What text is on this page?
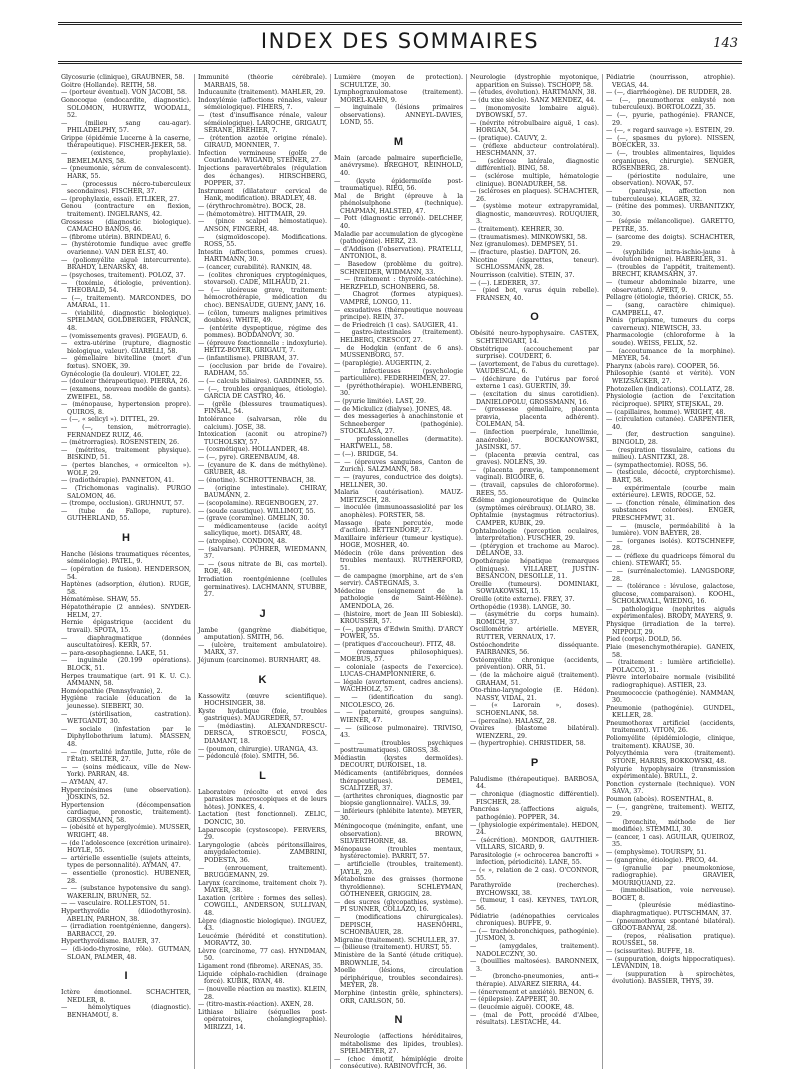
INDEX DES SOMMAIRES	143
Glycosurie (clinique), GRAUBNER, 58.
Goitre (Hollande). REITH, 58.
— (porteur éventuel). VON JACOBI, 58.
Gonocoque (endocardite, diagnostic). SOLOMON, HURWITZ, WOODALL, 52.
— (milieu sang cau-agar). PHILADELPHY, 57.
Grippe (épidémie Lucerne à la caserne, thérapeutique). FISCHER-JEKER, 58.
— (existence, prophylaxie). BEMELMANS, 58.
— (pneumonie, sérum de convalescent). HARK, 55.
— (processus nécro-tuberculeux secondaires). FISCHER, 37.
— (prophylaxie, essai). ETLIKER, 27.
Genou (contracture en flexion, traitement). INGELRANS, 42.
Grossesse (diagnostic biologique). CAMACHO BANOS, 46.
— (fibrome utérin). BRINDEAU, 6.
— (hystérotomie fundique avec greffe ovarienne). VAN DER ELST, 40.
— (poliomyélite aiguë intercurrente). BRAHDY, LENARSKY, 48.
— (psychoses, traitement). POLOZ, 37.
— (toxémie, étiologie, prévention). THEOBALD, 54.
— (—, traitement). MARCONDES, DO AMARAL, 11.
— (viabilité, diagnostic biologique). SPIELMAN, GOLDBERGER, FRANCK, 48.
— (vomissements graves). PIGEAUD, 6.
— extra-utérine (rupture, diagnostic biologique, valeur). GIARELLI, 58.
— gémellaire bivitelline (mort d'un fœtus). SNOEK, 39.
Gynécologie (la douleur). VIOLET, 22.
— (douleur thérapeutique). PIERRA, 26.
— (examens, nouveau modèle de gants). ZWEIFEL, 58.
— (ménopause, hypertension propre). QUIROS, 8.
— (—, « selicyl »). DITTEL, 29.
— (—, tension, métrorragie). FERNANDEZ RUIZ, 46.
— (métrorragies). ROSENSTEIN, 26.
— (métrites, traitement physique). BISKIND, 51.
— (pertes blanches, « ormicelton »). WOLF, 29.
— (radiothérapie). PANNETON, 41.
— (Trichomonas vaginalis). PURGO SALOMON, 46.
— (trompe, occlusion). GRUHNUT, 57.
— (tube de Fallope, rupture). GUTHERLAND, 55.
H
Hanche (lésions traumatiques récentes, séméiologie). PATEL, 9.
— (opération de fusion). HENDERSON, 54.
Haptènes (adsorption, élution). RUGE, 58.
Hématémèse. SHAW, 55.
Hépatothérapie (2 années). SNYDER-HELM, 27.
Hernie épigastrique (accident du travail). SPOTA, 15.
— diaphragmatique (données auscultatoires). KERR, 57.
— para-œsophagienne. LAKE, 51.
— inguinale (20.199 opérations). BLOCK, 51.
Herpes traumatique (art. 91 K. U. C.). AMMANN, 58.
Homéopathie (Pennsylvanie), 2.
Hygiène raciale (éducation de la jeunesse). SIEBERT, 30.
— (stérilisation, castration). WETGANDT, 30.
— sociale (infestation par le Diphyllobothrium latum). MASSEN, 48.
— — (mortalité infantile, Jutte, rôle de l'État). SELTER, 27.
— — (soins médicaux, ville de New-York). PARRAN, 48.
— AYMAN, 47.
Hypercinésimes (une observation). JOSKINS, 52.
Hypertension (décompensation cardiaque, pronostic, traitement). GROSSMANN, 58.
— (obésité et hyperglycémie). MUSSER, WRIGHT, 48.
— (de l'adolescence (excrétion urinaire). HOYLE, 55.
— artérielle essentielle (sujets atteints, types de personnalité). AYMAN, 47.
— essentielle (pronostic). HUBENER, 28.
— — (substance hypotensive du sang). WAKERLIN, BRUNER, 52.
— — vasculaire. ROLLESTON, 51.
Hyperthyroïdie (diiodothyrosin). ABELIN, PARHON, 38.
— (irradiation roentgénienne, dangers). BARBACCI, 29.
Hyperthyroïdisme. BAUER, 37.
— (di-iodo-thyrosine, rôle). GUTMAN, SLOAN, PALMER, 48.
I
Ictère émotionnel. SCHACHTER, NEDLER, 8.
— hémolytiques (diagnostic). BENHAMOU, 8.
Immunité (théorie cérébrale). MARBAIS, 58.
Inducaunite (traitement). MAHLER, 29.
Indoxylémie (affections rénales, valeur séméiologique). FIHERS, 7.
— (test d'insuffisance rénale, valeur séméiologique). LAROCHE, GRIGAUT, SÉRANE, BRÉHIER, 7.
— (rétention azotée origine rénale). GIRAUD, MONNIER, 7.
Infection vermineuse (golfe de Courlande). WIGAND, STEINER, 27.
Injections paravertébrales (régulation des échanges). HIRSCHBERG, POPPER, 37.
Instrument (dilatateur cervical de Hank, modification). BRADLEY, 48.
— (érythrochromètre). BOCK, 28.
— (hémotomètre). HITTMAIR, 29.
— (pince scalpel hémostatique). ANSON, FINGERH, 48.
— (sigmoïdoscope). Modifications. ROSS, 55.
Intestin (affections, pommes crues). HARTMANN, 30.
— (cancer, curabilité). RANKIN, 48.
— (colites chroniques cryptogéniques, stovarsol). CADE, MILHAUD, 21.
— (— ulcéreuse grave, traitement: hémocrothérapie, médication du choc). BENSAUDE, GUENY, JANY, 16.
— (côlon, tumeurs malignes primitives doubles). WHITE, 49.
— (entérite dyspeptique, régime des pommes). BODDANOVY, 30.
— (épreuve fonctionnelle : indoxylurie). HEITZ-BOYER, GRIGAUT, 7.
— (infantilisme). PRIBRAM, 37.
— (occlusion par bride de l'ovaire). RADHAM, 55.
— (— calculs biliaires). GARDINER, 55.
— (—, troubles organiques, étiologie). GARCIA DE CASTRO, 46.
— (grêle (blessures traumatiques). FINSAL, 54.
Intolérance (salvarsan, rôle du calcium). JOSE, 38.
Intoxication (aconit ou atropine?) TUCHOLSKY, 57.
— (cosmétique). HOLLANDER, 48.
— (—, pyre). GREENBAUM, 48.
— (cyanure de K. dans de méthylène). GRUBER, 48.
— (énotine). SCHROTTENBACH, 38.
— (origine intestinale). CHIRAY, BAUMANN, 2.
— (scopolamine). REGENBOGEN, 27.
— (soude caustique). WILLIMOT, 55.
— (grave (coramine). GMELIN, 30.
— médicamenteuse (acide acétyl salicylique, mort). DISARY, 48.
— (atropine). CONDON, 48.
— (salvarsan). PÜHRER, WIEDMANN, 37.
— — (sous nitrate de Bi, cas mortel). ROE, 48.
Irradiation roentgénienne (cellules germinatives). LACHMANN, STUBBE, 27.
J
Jambe (gangrène diabétique, amputation). SMITH, 56.
— (ulcère, traitement ambulatoire). MARX, 37.
Jéjunum (carcinome). BURNHART, 48.
K
Kassowitz (œuvre scientifique). HOCHSINGER, 38.
Kyste hydatique (foie, troubles gastriques). MAUGREDER, 57.
— (médiastin). ALEXANDRESCU-DERSCA, STROESCU, FOSCA, DIAMANT, 18.
— (poumon, chirurgie). URANGA, 43.
— pédonculé (foie). SMITH, 56.
L
Laboratoire (récolte et envoi des parasites macroscopiques et de leurs hôtes). JONKES, 4.
Lactation (test fonctionnel). ZELIC, DONCIC, 30.
Laparoscopie (cystoscope). FERVERS, 29.
Laryngologie (abcès péritonsillaires, amygdalectomie). ZAMBRINI, PODESTA, 36.
— (enrouement, traitement). BRUGGEMANN, 29.
Larynx (carcinome, traitement choix ?). MAYER, 38.
Laxation (critère : formes des selles). COWGILL, ANDERSON, SULLIVAN, 48.
Lèpre (diagnostic biologique). INGUEZ, 43.
Leucémie (hérédité et constitution). MORAVTZ, 30.
Lèvre (carcinome, 77 cas). HYNDMAN, 50.
Ligament rond (fibrome). ARENAS, 35.
Liquide céphalo-rachidien (drainage forcé). KUBIK, RYAN, 48.
— (nouvelle réaction au mastix). KLEIN, 28.
— (titro-mastix-réaction). AXEN, 28.
Lithiase biliaire (séquelles post-opératoires, cholangiographie). MIRIZZI, 14.
Lumière (moyen de protection). SCHULTZE, 30.
Lymphogranulomatose (traitement). MOREL-KAHN, 9.
— inguinale (lésions primaires observations). ANNEYL-DAVIES, LOND, 55.
M
Main (arcade palmaire superficielle, anévrysme). BREGHOT, REINHOLD, 40.
— (kyste épidermoïde post-traumatique). RIEG, 56.
Mal de Bright (épreuve à la phénolsulphone (technique). CHAPMAN, HALSTED, 47.
— Pott (diagnostic erroné). DELCHEF, 40.
Maladie par accumulation de glycogène (pathogénie). HERZ, 23.
— d'Addison (l'observation). PRATELLI, ANTONIOL, 8.
— Basedow (problème du goitre). SCHNEIDER, WIDMANN, 33.
— — (traitement : thyroïde-catéchine). HERZFELD, SCHONBERG, 58.
— Chagrot (formes atypiques). VAMPRÉ, LONGO, 11.
— exsudatives (thérapeutique nouveau principe). REIN, 37.
— de Friedreich (1 cas). SAUGIER, 41.
— gastro-intestinales (traitement). HELBERG, CRESCOT, 27.
— de Hodgkin (enfant de 6 ans). MUSSENBORG, 57.
— (paraplégie). AUGERTIN, 2.
— infectieuses (psychologie particulière). FEDERHEIMEN, 27.
— (pyréthothérapie). WOHLENBERG, 30.
— (pyurie limitée). LAST, 29.
— de Mickulicz (dialyse). JONES, 48.
— des messageries à anachinstonie et Schneeberger (pathogénie). STOCKLASA, 27.
— professionnelles (dermatite). HARTWELL, 58.
— (—). BRIDGE, 54.
— — (épreuves sanguines, Canton de Zurich). SALZMANN, 58.
— — (rayures, conductrice des doigts). HELLNER, 30.
Malaria (cautérisation). MAUZ-MIETZSCH, 28.
— inoculée (immunoassasiolité par les anophèles). FORSTER, 58.
Massage (pate percutée, mode d'action). BETTENDORF, 27.
Maxillaire inférieur (tumeur kystique). HOGE, MOSHER, 40.
Médecin (rôle dans prévention des troubles mentaux). RUTHERFORD, 51.
— de campagne (morphine, art de s'en servir). CASTEGNAIS, 3.
Médecine (enseignement de la pathologie de Saint-Hélène). AMENDOLA, 26.
— (histoire, mort de Jean III Sobieski). KROUSSER, 57.
— (—, papyrus d'Edwin Smith). D'ARCY POWER, 55.
— (pratiques d'accoucheur). FITZ, 48.
— (remarques philosophiques). MOEBUS, 57.
— coloniale (aspects de l'exercice). LUCAS-CHAMPIONNIÈRE, 6.
— légale (avortement, cadres anciens). WACHHOLZ, 57.
— — (identification du sang). NICOLESCO, 26.
— — (paternité, groupes sanguins). WIENER, 47.
— — (silicose pulmonaire). TRIVISO, 43.
— — (troubles psychiques posttraumatiques). GROSS, 38.
Médiastin (kystes dermoïdes). DECOURT, DUROISEL, 18.
Médicaments (antifébriques, données thérapeutiques). DEMEL, SCALITZER, 37.
— (arthrites chroniques, diagnostic par biopsie ganglionnaire). VALLS, 39.
— inférieurs (phlébite latente). MEYER, 30.
Méningocoque (méningite, enfant, une observation). BROWN, SILVERTHORNE, 48.
Ménopause (troubles mentaux, hystérectomie). PARRIT, 57.
— artificielle (troubles, traitement). JAYLE, 29.
Métabolisme des graisses (hormone thyroïdienne). SCHLEYMAN, GOTHENEER, GRIGGIN, 28.
— des sucres (glycopathies, système). PI SUNNER, COLLAZO, 16.
— (modifications chirurgicales). DEPISCH, HASENÖHRL, SCHONBAUER, 28.
Migraine (traitement). SCHULLER, 37.
— (bilieuse (traitement). HURST, 55.
Ministère de la Santé (étude critique). BROWNLIE, 54.
Moelle (lésions, circulation périphérique, troubles secondaires). MEYER, 28.
Morphine (intestin grêle, sphincters). ORR, CARLSON, 50.
N
Neurologie (affections héréditaires, métabolisme des lipides, troubles). SPIELMEYER, 27.
— (choc émotif, hémiplégie droite consécutive). RABINOVITCH, 36.
Neurologie (dystrophie myotonique, apparition en Suisse). TSCHOPP, 58.
— (études, évolution). HARTMANN, 38.
— (du xixe siècle). SANZ MENDEZ, 44.
— (monomyosite lombaire aiguë). DYBOWSKI, 57.
— (névrite rétrobulbaire aiguë, 1 cas). HORGAN, 54.
— (pratique). CAUVY, 2.
— (réflexe abducteur controlatéral). HESCHMANN, 37.
— (sclérose latérale, diagnostic différentiel). BING, 58.
— (sclérose multiple, hématologie clinique). BONADUREH, 58.
— (scléroses en plaques). SCHACHTER, 26.
— (système moteur extrapyramidal, diagnostic, manœuvres). ROUQUIER, 3.
— (traitement). KEHRER, 30.
— (traumatismes). MINKOWSKI, 58.
Nez (granulomes). DEMPSEY, 51.
— (fracture, plastie). DAPTON, 26.
Nicotine (cigarettes, teneur). SCHLOSSMANN, 28.
Nourrisson (calvitie). STEIN, 37.
— (—). LEDERER, 37.
— (pied bot, varus équin rebelle). FRANSEN, 40.
O
Obésité neuro-hypophysaire. CASTEX, SCHTEINGART, 14.
Obstétrique (accouchement par surprise). COUDERT, 6.
— (avortement, de l'abus du curettage). VAUDESCAL, 6.
— (déchirure de l'utérus par forcé externe 1 cas). GUERTIN, 39.
— (excitation du sinus carotidien). DANIELOPOLU, GROSSMANN, 16.
— (grossesse gémellaire, placenta prævia, placenta adhérent). COLEMAN, 54.
— (infection puerpérale, lunellimie, anaérobie). BOCKANOWSKI, JASINSKI, 57.
— (placenta prævia central, cas graves). NOLENS, 39.
— (placenta prævia, tamponnement vaginal). BIGOIRE, 6.
— (travail, capsules de chloroforme). REES, 55.
Œdème angioneurotique de Quincke (symptômes cérébraux). OLIARO, 38.
Ophtalmie (nystagmus rétractorius). CAMPER, KUBIK, 29.
Ophtalmologie (perception oculaires, interprétation). FUSCHER, 29.
— (ptérygion et trachome au Maroc). DELANOE, 33.
Opothérapie hépatique (remarques cliniques). VILLARET, JUSTIN-BESANCON, DESOILLE, 11.
Oreille (tumeurs). DOMINIAKI, SOWIAKOWSKI, 15.
Oreille (otite externe). FREY, 37.
Orthopédie (1938). LANGE, 30.
— (asymétrie du corps humain). ROMICH, 37.
Oscillométrie artérielle. MEYER, RUTTER, VERNAUX, 17.
Ostéochondrite disséquante. FAIRBANKS, 56.
Ostéomyélite chronique (accidents, prévention). ORR, 51.
— (de la mâchoire aiguë (traitement). GRAHAM, 51.
Oto-rhino-laryngologie (E. Hédon). NASSY, VIDAL, 21.
— (« Larorain », doses). SCHOENLANK, 58.
— (percaïne). HALASZ, 28.
Ovaires (blastome bilatéral). WIENZERL, 29.
— (hypertrophie). CHRISTIDER, 58.
P
Paludisme (thérapeutique). BARBOSA, 44.
— chronique (diagnostic différentiel). FISCHER, 28.
Pancréas (affections aiguës, pathogénie). POPPER, 34.
— (physiologie expérimentale). HEDON, 24.
— (sécrétion). MONDOR, GAUTHIER-VILLARS, SICARD, 9.
Parasitologie (« ochrocerea bancrofti » infection, périodicité). LANE, 55.
— (« », relation de 2 cas). O'CONNOR, 55.
Parathyroïde (recherches). BYCHOWSKI, 38.
— (tumeur, 1 cas). KEYNES, TAYLOR, 56.
Pédiatrie (adénopathies cervicales chroniques). BUFFE, 9.
— (— trachéobronchiques, pathogénie). JUSMON, 3.
— (amygdales, traitement). NADOLECZNY, 30.
— (bouillies maltosées). BARONNEIX, 3.
— (broncho-pneumonies, anti-« thérapie). ALVAREZ SIERRA, 44.
— (énervement et anxiété). BENON, 6.
— (épilepsie). ZAPPERT, 30.
— (leucémie aiguë). COOKE, 48.
— (mal de Pott, procédé d'Albee, résultats). LESTACHE, 44.
Pédiatrie (nourrisson, atrophie). VEGAS, 44.
— (—, diarrhéogène). DE RUDDER, 28.
— (—, pneumothorax enkysté non tuberculeux). BORTOLOZZI, 35.
— (—, pyurie, pathogénie). FRANCE, 29.
— (—, « regard sauvage »). ESTEIN, 29.
— (—, spasmes du pylore). NISSEN, BOECKER, 33.
— (—, troubles alimentaires, liquides organiques, chirurgie). SENGER, ROSENBERG, 28.
— (périostite nodulaire, une observation). NOVAK, 57.
— (paralysie, affection non tuberculeuse). KLAGER, 32.
— (rétine des pommes). URBANITZKY, 30.
— (sépsie mélancolique). GARETTO, PETRE, 35.
— (sarcome des doigts). SCHACHTER, 29.
— (syphilide intra-ischio-jaune à évolution bénigne). HABERLER, 31.
— (troubles de l'appétit, traitement). BRECHT, KRAMSAHN, 37.
— (tumeur abdominale bizarre, une observation). APERT, 9.
Pellagre (étiologie, théorie). CRICK, 55.
— (sang, caractère chimique). CAMPBELL, 47.
Pénis (priapisme, tumeurs du corps caverneux). NIEWISCH, 33.
Pharmacologie (chloroforme à la soude). WEISS, FELIX, 52.
— (accoutumance de la morphine). MEYER, 54.
Pharynx (abcès rare). COOPER, 56.
Philosophie (santé et vérité). VON WEIZSÄCKER, 27.
Photozellen (indications). COLLATZ, 28.
Physiologie (action de l'excitation réciproque). SPIRY, STEJSKAL, 29.
— (capillaires, homme). WRIGHT, 48.
— (circulation cutanée). CARPENTIER, 40.
— (fer, destruction sanguine). BINGOLD, 28.
— (respiration tissulaire, cations du milieu). LASNITZKI, 28.
— (sympathectomie). ROSS, 56.
— (testicule, décocté, cryptorchisme). BART, 58.
— expérimentale (courbe main extérieure). LEWIS, ROCGE, 52.
— — (fonction rénale, élimination des substances colorées). ENGER, PRESCHFMWT, 31.
— — (muscle, perméabilité à la lumière). VON BAEYER, 28.
— — (organes isolés). KOTSCHNEFF, 28.
— — (réflexe du quadriceps fémoral du chien). STEWART, 55.
— — (surrénalectomie). LANGSDORF, 28.
— — (tolérance : lévulose, galactose, glucose, comparaison). KOOHL, SCHOLKWALL, WIEDNG, 16.
— pathologique (nephrites aiguës expérimentales). BRODY, MAYERS, 9.
Physique (irradiation de la terre). NIPPOLT, 29.
Pied (corps). DOLD, 56.
Plaie (mesenchymothérapie). GANEIX, 58.
— (traitement : lumière artificielle). POLACCO, 31.
Plèvre interlobaire normale (visibilité radiographique). ASTIER, 23.
Pneumococcie (pathogénie). NAMMAN, 30.
Pneumonie (pathogénie). GUNDEL, KELLER, 28.
Pneumothorax artificiel (accidents, traitement). VITON, 26.
Poliomyélite (épidémiologie, clinique, traitement). KRAUSE, 30.
Polycythémia vera (traitement). STONE, HARRIS, BOKKOWSKI, 48.
Polyurie hypophysaire (transmission expérimentale). BRULL, 2.
Ponction cysternale (technique). VON SAVA, 37.
Poumon (abcès). ROSENTHAL, 8.
— (—, gangrène, traitement). WEITZ, 29.
— (bronchite, méthode de lier modifiée). STEMMLI, 30.
— (cancer, 1 cas). AGUILAR, QUEIROZ, 35.
— (emphysème). TOURSPY, 51.
— (gangrène, étiologie). PRCO, 44.
— (granulie par pneumokoniose, radiographie). GRAVIER, MOURIQUAND, 22.
— (immobilisation, voie nerveuse). BOGET, 8.
— (pleurésie médiastino-diaphragmatique). PUTSCHMAN, 37.
— (pneumothorax spontané bilatéral). GROOT-BANYAI, 28.
— (repos, réalisation pratique). ROUSSEL, 58.
— (scissurites). BUFFE, 18.
— (suppuration, doigts hippocratiques). LÉVANDIN, 18.
— (suppuration à spirochètes, évolution). BASSIER, THYS, 39.
